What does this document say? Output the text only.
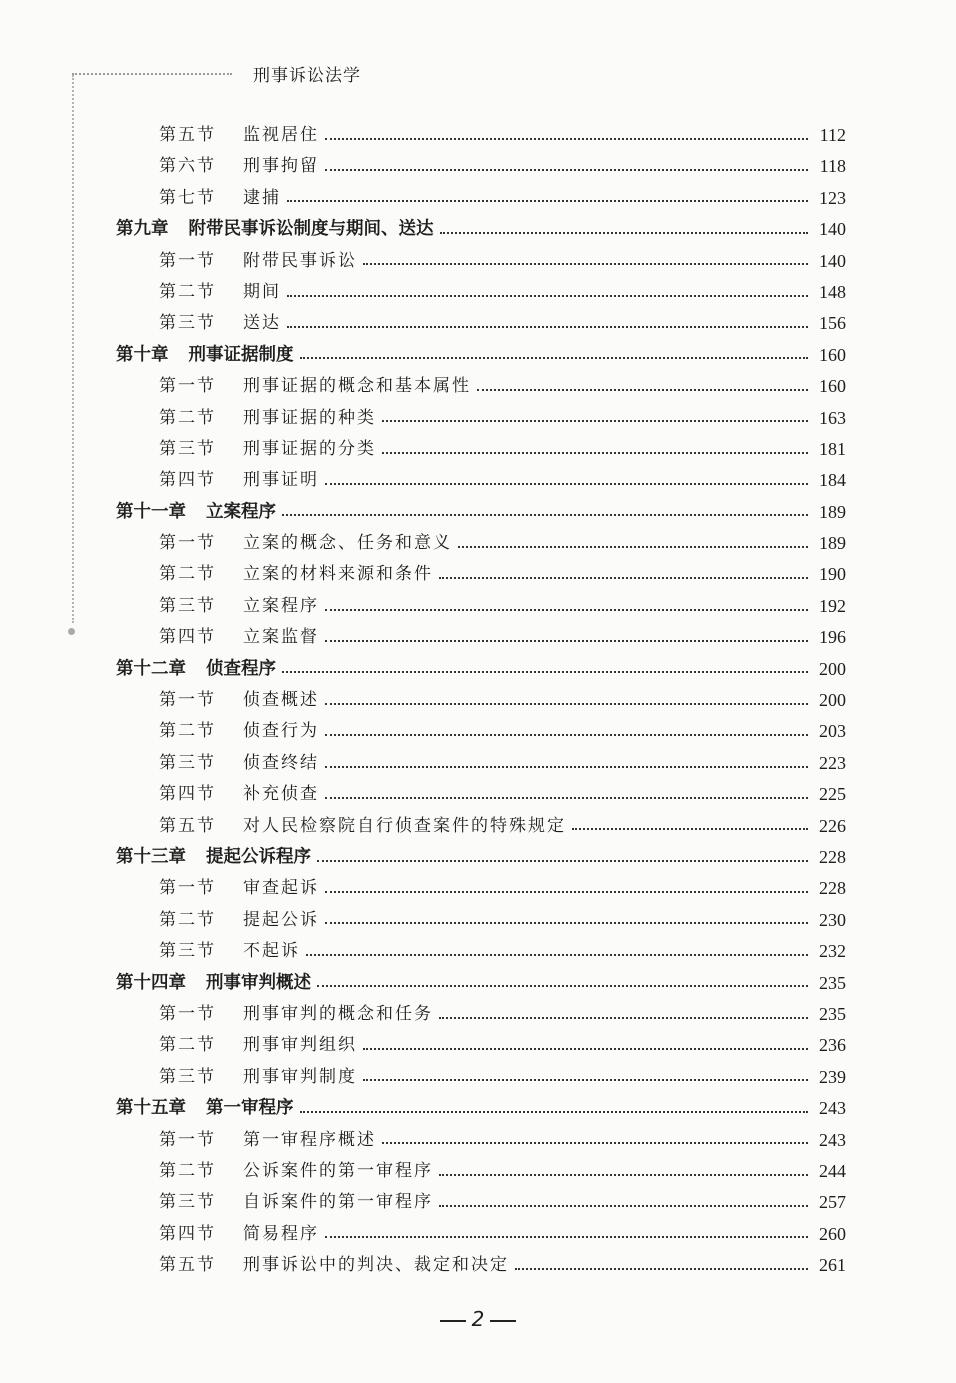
刑事诉讼法学
第五节	监视居住	112
第六节	刑事拘留	118
第七节	逮捕	123
第九章 附带民事诉讼制度与期间、送达	140
第一节	附带民事诉讼	140
第二节	期间	148
第三节	送达	156
第十章 刑事证据制度	160
第一节	刑事证据的概念和基本属性	160
第二节	刑事证据的种类	163
第三节	刑事证据的分类	181
第四节	刑事证明	184
第十一章 立案程序	189
第一节	立案的概念、任务和意义	189
第二节	立案的材料来源和条件	190
第三节	立案程序	192
第四节	立案监督	196
第十二章 侦查程序	200
第一节	侦查概述	200
第二节	侦查行为	203
第三节	侦查终结	223
第四节	补充侦查	225
第五节	对人民检察院自行侦查案件的特殊规定	226
第十三章 提起公诉程序	228
第一节	审查起诉	228
第二节	提起公诉	230
第三节	不起诉	232
第十四章 刑事审判概述	235
第一节	刑事审判的概念和任务	235
第二节	刑事审判组织	236
第三节	刑事审判制度	239
第十五章 第一审程序	243
第一节	第一审程序概述	243
第二节	公诉案件的第一审程序	244
第三节	自诉案件的第一审程序	257
第四节	简易程序	260
第五节	刑事诉讼中的判决、裁定和决定	261
2
